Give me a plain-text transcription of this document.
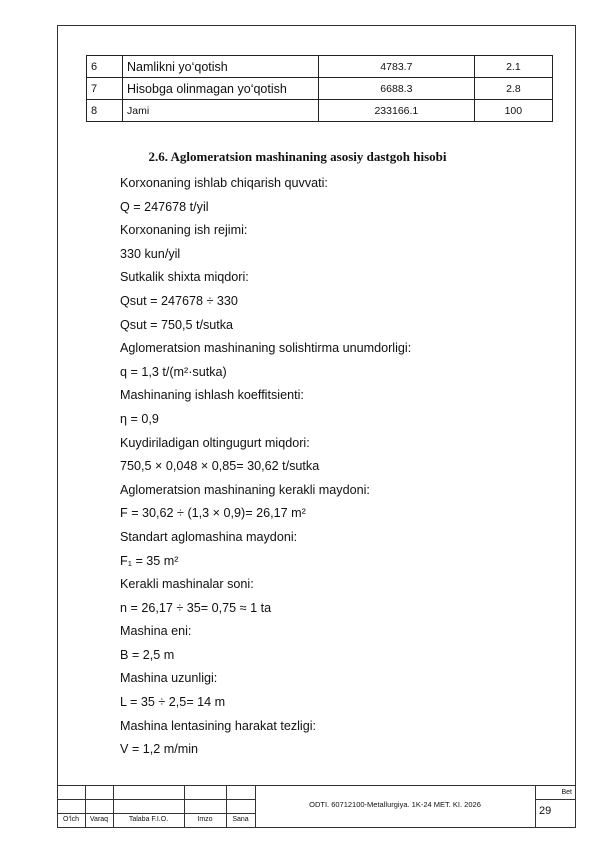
6	Namlikni yo‘qotish	4783.7	2.1
7	Hisobga olinmagan yo‘qotish	6688.3	2.8
8	Jami	233166.1	100
2.6. Aglomeratsion mashinaning asosiy dastgoh hisobi
Korxonaning ishlab chiqarish quvvati:
Q = 247678 t/yil
Korxonaning ish rejimi:
330 kun/yil
Sutkalik shixta miqdori:
Qsut = 247678 ÷ 330
Qsut = 750,5 t/sutka
Aglomeratsion mashinaning solishtirma unumdorligi:
q = 1,3 t/(m²·sutka)
Mashinaning ishlash koeffitsienti:
η = 0,9
Kuydiriladigan oltingugurt miqdori:
750,5 × 0,048 × 0,85= 30,62 t/sutka
Aglomeratsion mashinaning kerakli maydoni:
F = 30,62 ÷ (1,3 × 0,9)= 26,17 m²
Standart aglomashina maydoni:
F₁ = 35 m²
Kerakli mashinalar soni:
n = 26,17 ÷ 35= 0,75 ≈ 1 ta
Mashina eni:
B = 2,5 m
Mashina uzunligi:
L = 35 ÷ 2,5= 14 m
Mashina lentasining harakat tezligi:
V = 1,2 m/min
O‘lch	Varaq	Talaba F.I.O.	Imzo	Sana
ODTI. 60712100-Metallurgiya. 1K-24 MET. KI. 2026
Bet
29
